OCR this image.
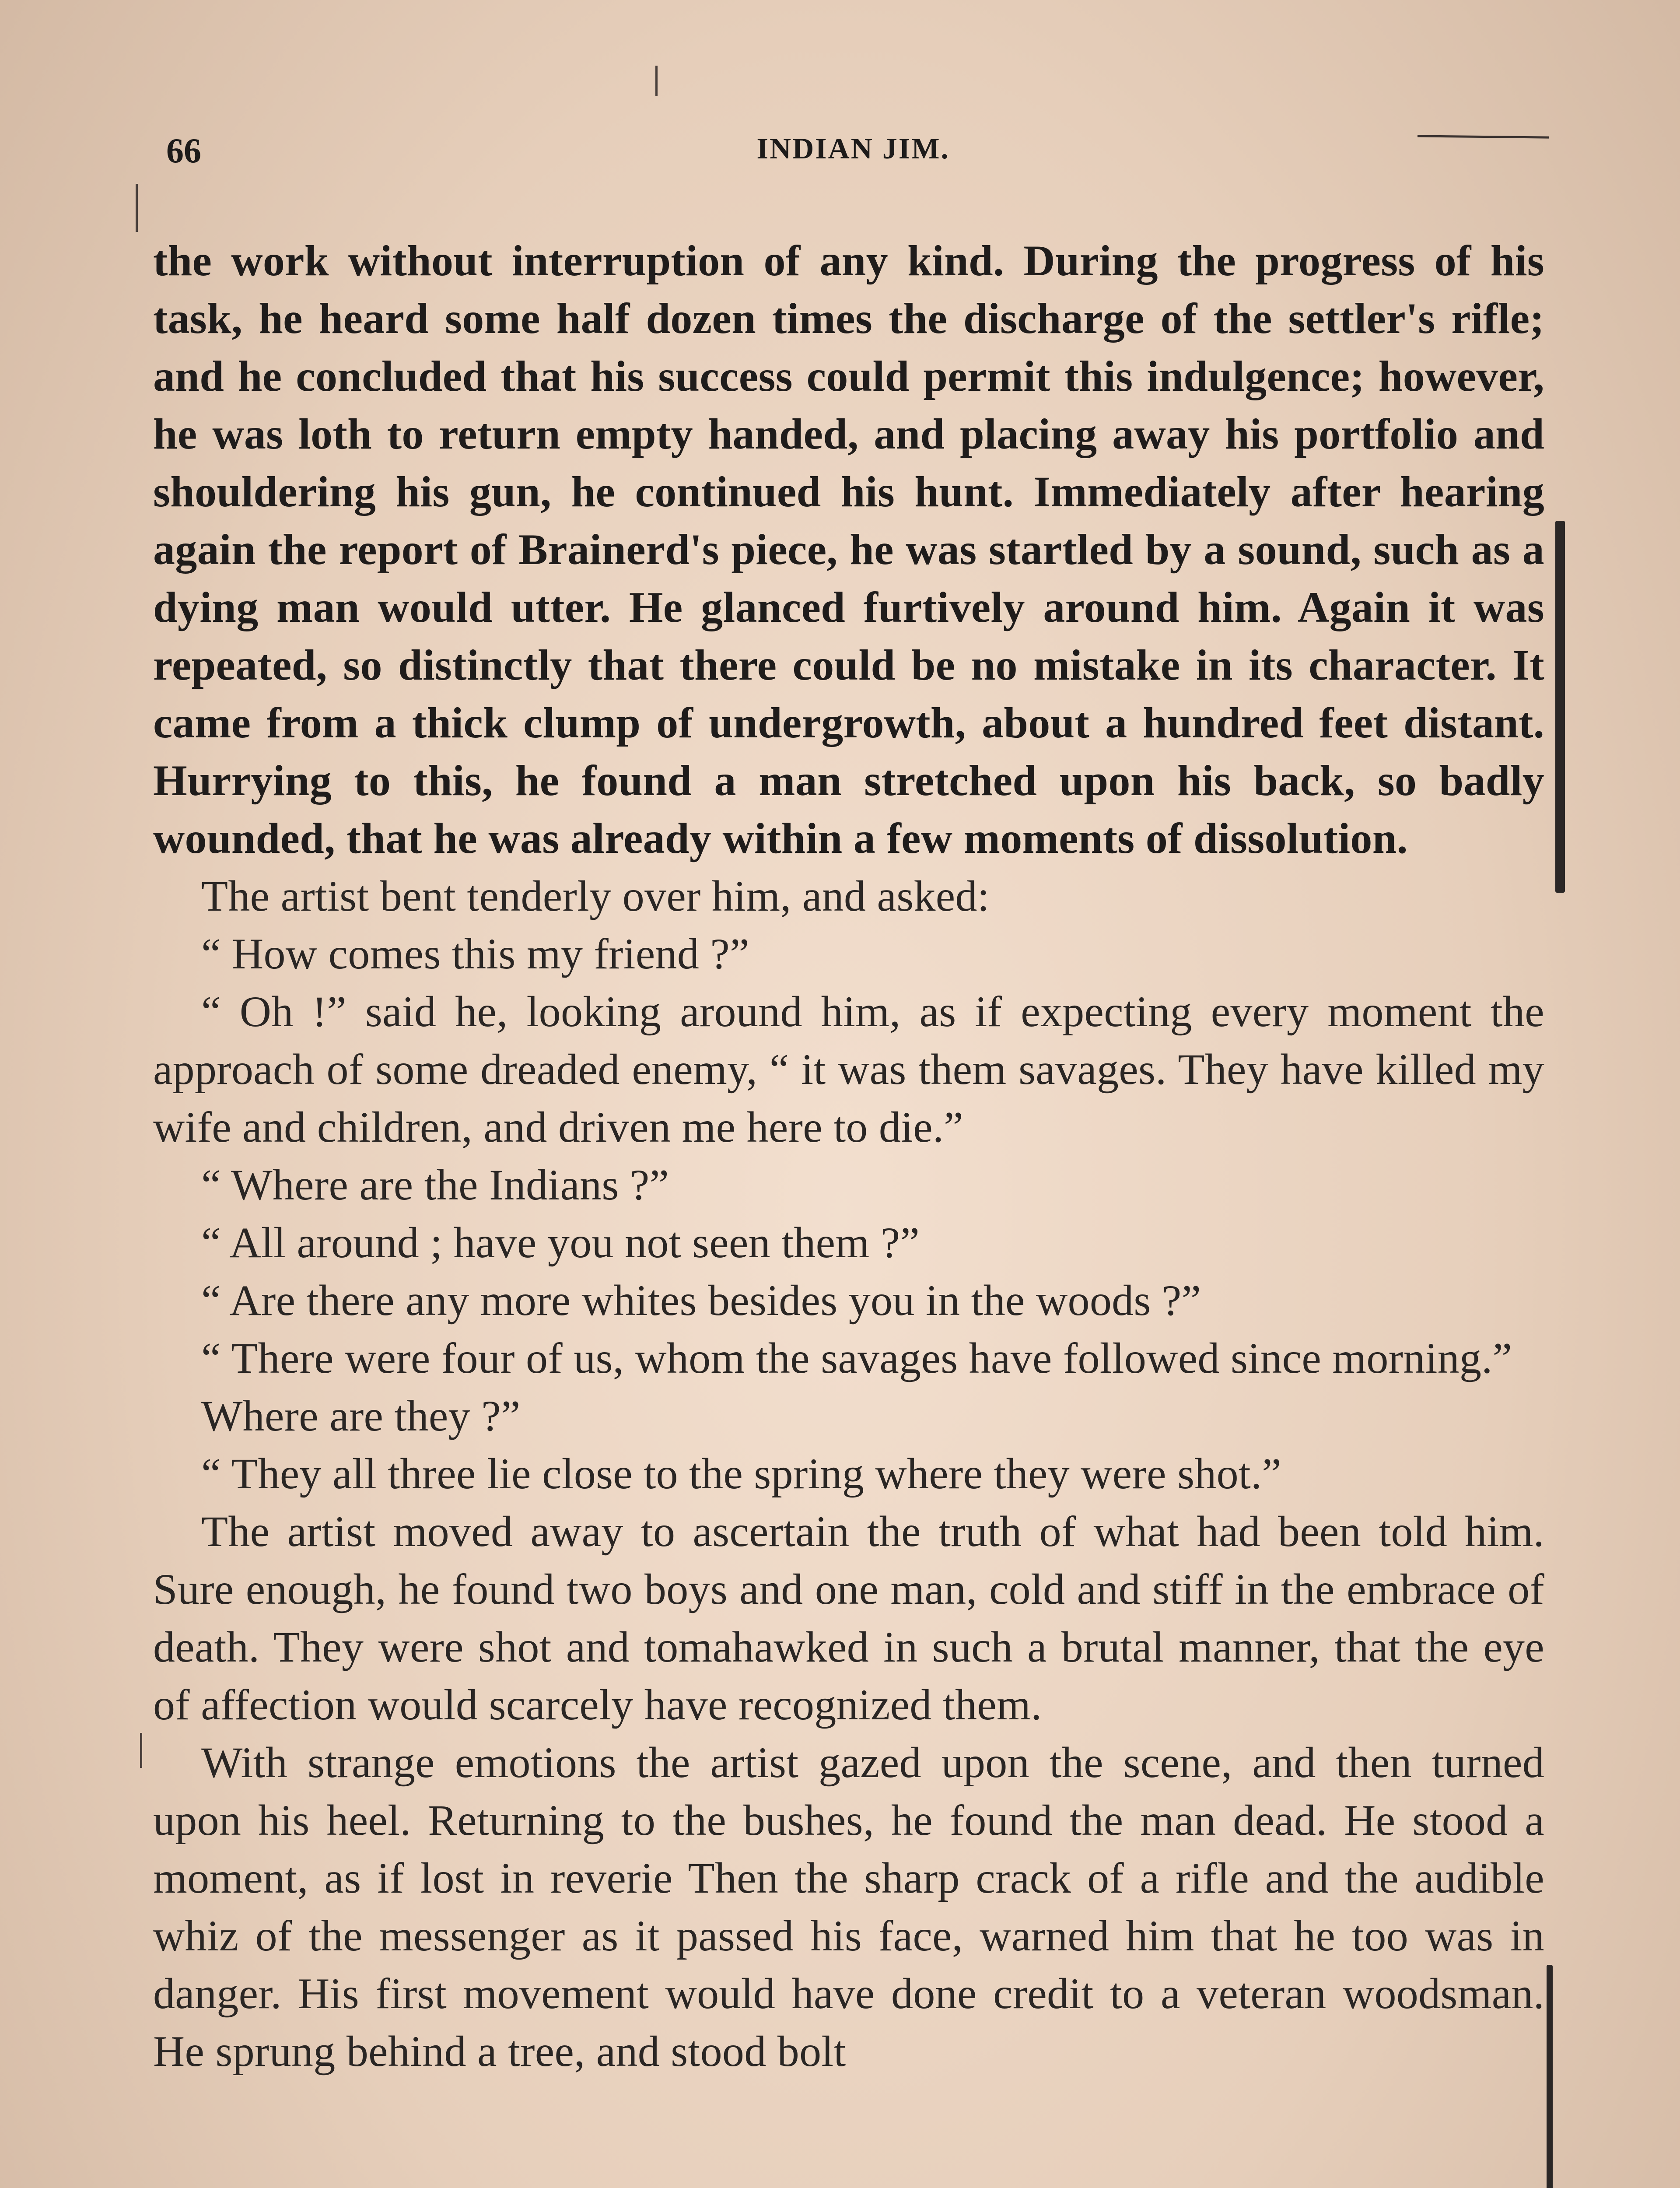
66	INDIAN JIM.

the work without interruption of any kind. During the progress of his task, he heard some half dozen times the discharge of the settler's rifle; and he concluded that his success could permit this indulgence; however, he was loth to return empty handed, and placing away his portfolio and shouldering his gun, he continued his hunt. Immediately after hearing again the report of Brainerd's piece, he was startled by a sound, such as a dying man would utter. He glanced furtively around him. Again it was repeated, so distinctly that there could be no mistake in its character. It came from a thick clump of undergrowth, about a hundred feet distant. Hurrying to this, he found a man stretched upon his back, so badly wounded, that he was already within a few moments of dissolution.

The artist bent tenderly over him, and asked:

“ How comes this my friend ?”

“ Oh !” said he, looking around him, as if expecting every moment the approach of some dreaded enemy, “ it was them savages. They have killed my wife and children, and driven me here to die.”

“ Where are the Indians ?”

“ All around ; have you not seen them ?”

“ Are there any more whites besides you in the woods ?”

“ There were four of us, whom the savages have followed since morning.”

Where are they ?”

“ They all three lie close to the spring where they were shot.”

The artist moved away to ascertain the truth of what had been told him. Sure enough, he found two boys and one man, cold and stiff in the embrace of death. They were shot and tomahawked in such a brutal manner, that the eye of affection would scarcely have recognized them.

With strange emotions the artist gazed upon the scene, and then turned upon his heel. Returning to the bushes, he found the man dead. He stood a moment, as if lost in reverie Then the sharp crack of a rifle and the audible whiz of the messenger as it passed his face, warned him that he too was in danger. His first movement would have done credit to a veteran woodsman. He sprung behind a tree, and stood bolt
